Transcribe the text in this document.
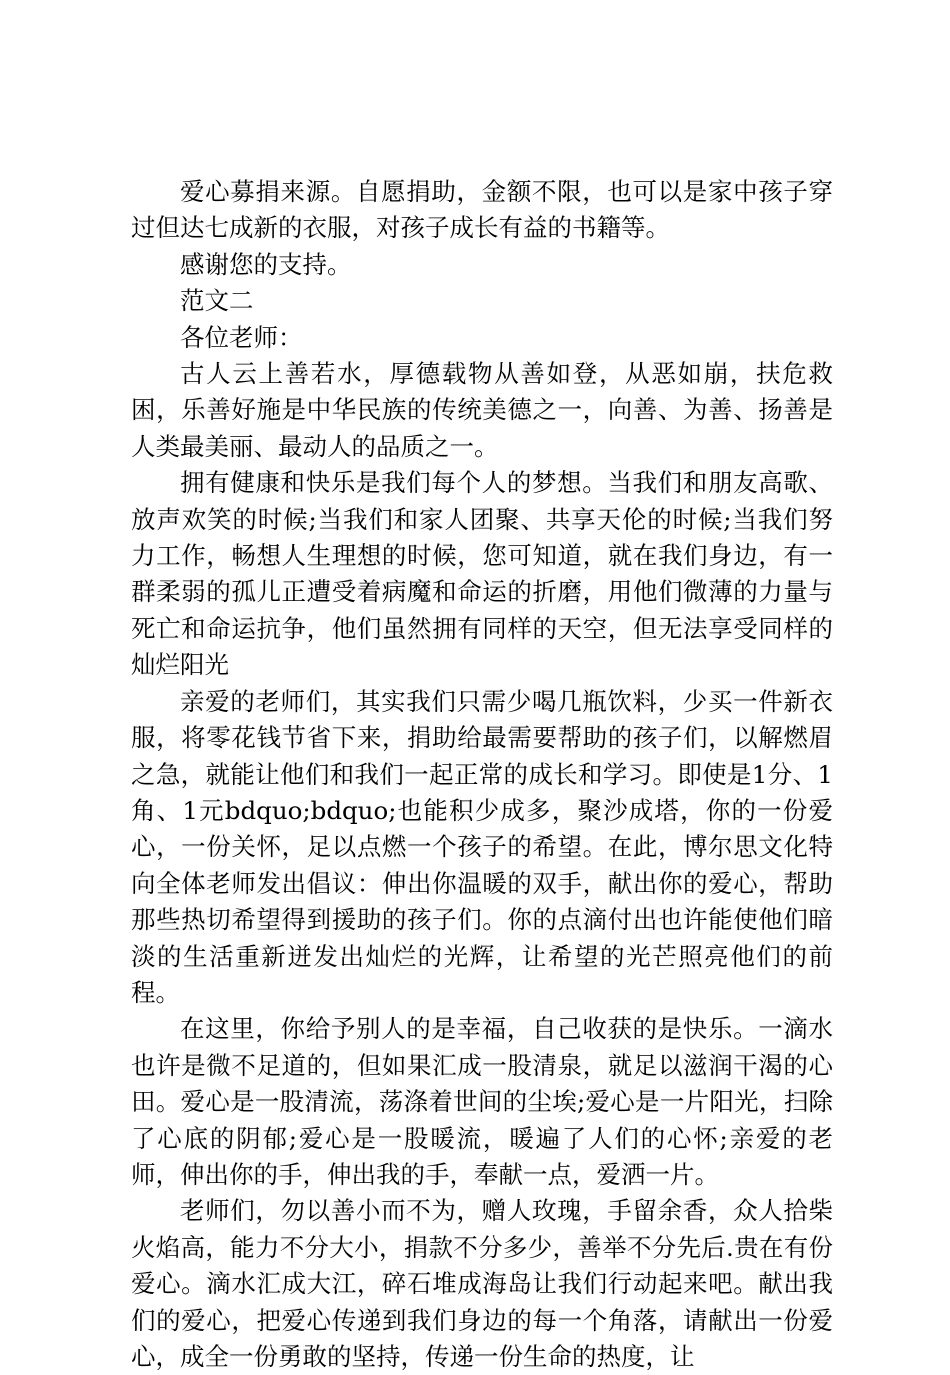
爱心募捐来源。自愿捐助，金额不限，也可以是家中孩子穿过但达七成新的衣服，对孩子成长有益的书籍等。

感谢您的支持。

范文二

各位老师：

古人云上善若水，厚德载物从善如登，从恶如崩，扶危救困，乐善好施是中华民族的传统美德之一，向善、为善、扬善是人类最美丽、最动人的品质之一。

拥有健康和快乐是我们每个人的梦想。当我们和朋友高歌、放声欢笑的时候;当我们和家人团聚、共享天伦的时候;当我们努力工作，畅想人生理想的时候，您可知道，就在我们身边，有一群柔弱的孤儿正遭受着病魔和命运的折磨，用他们微薄的力量与死亡和命运抗争，他们虽然拥有同样的天空，但无法享受同样的灿烂阳光

亲爱的老师们，其实我们只需少喝几瓶饮料，少买一件新衣服，将零花钱节省下来，捐助给最需要帮助的孩子们，以解燃眉之急，就能让他们和我们一起正常的成长和学习。即使是1分、1角、1元bdquo;bdquo;也能积少成多，聚沙成塔，你的一份爱心，一份关怀，足以点燃一个孩子的希望。在此，博尔思文化特向全体老师发出倡议：伸出你温暖的双手，献出你的爱心，帮助那些热切希望得到援助的孩子们。你的点滴付出也许能使他们暗淡的生活重新迸发出灿烂的光辉，让希望的光芒照亮他们的前程。

在这里，你给予别人的是幸福，自己收获的是快乐。一滴水也许是微不足道的，但如果汇成一股清泉，就足以滋润干渴的心田。爱心是一股清流，荡涤着世间的尘埃;爱心是一片阳光，扫除了心底的阴郁;爱心是一股暖流，暖遍了人们的心怀;亲爱的老师，伸出你的手，伸出我的手，奉献一点，爱洒一片。

老师们，勿以善小而不为，赠人玫瑰，手留余香，众人拾柴火焰高，能力不分大小，捐款不分多少，善举不分先后.贵在有份爱心。滴水汇成大江，碎石堆成海岛让我们行动起来吧。献出我们的爱心，把爱心传递到我们身边的每一个角落，请献出一份爱心，成全一份勇敢的坚持，传递一份生命的热度，让
